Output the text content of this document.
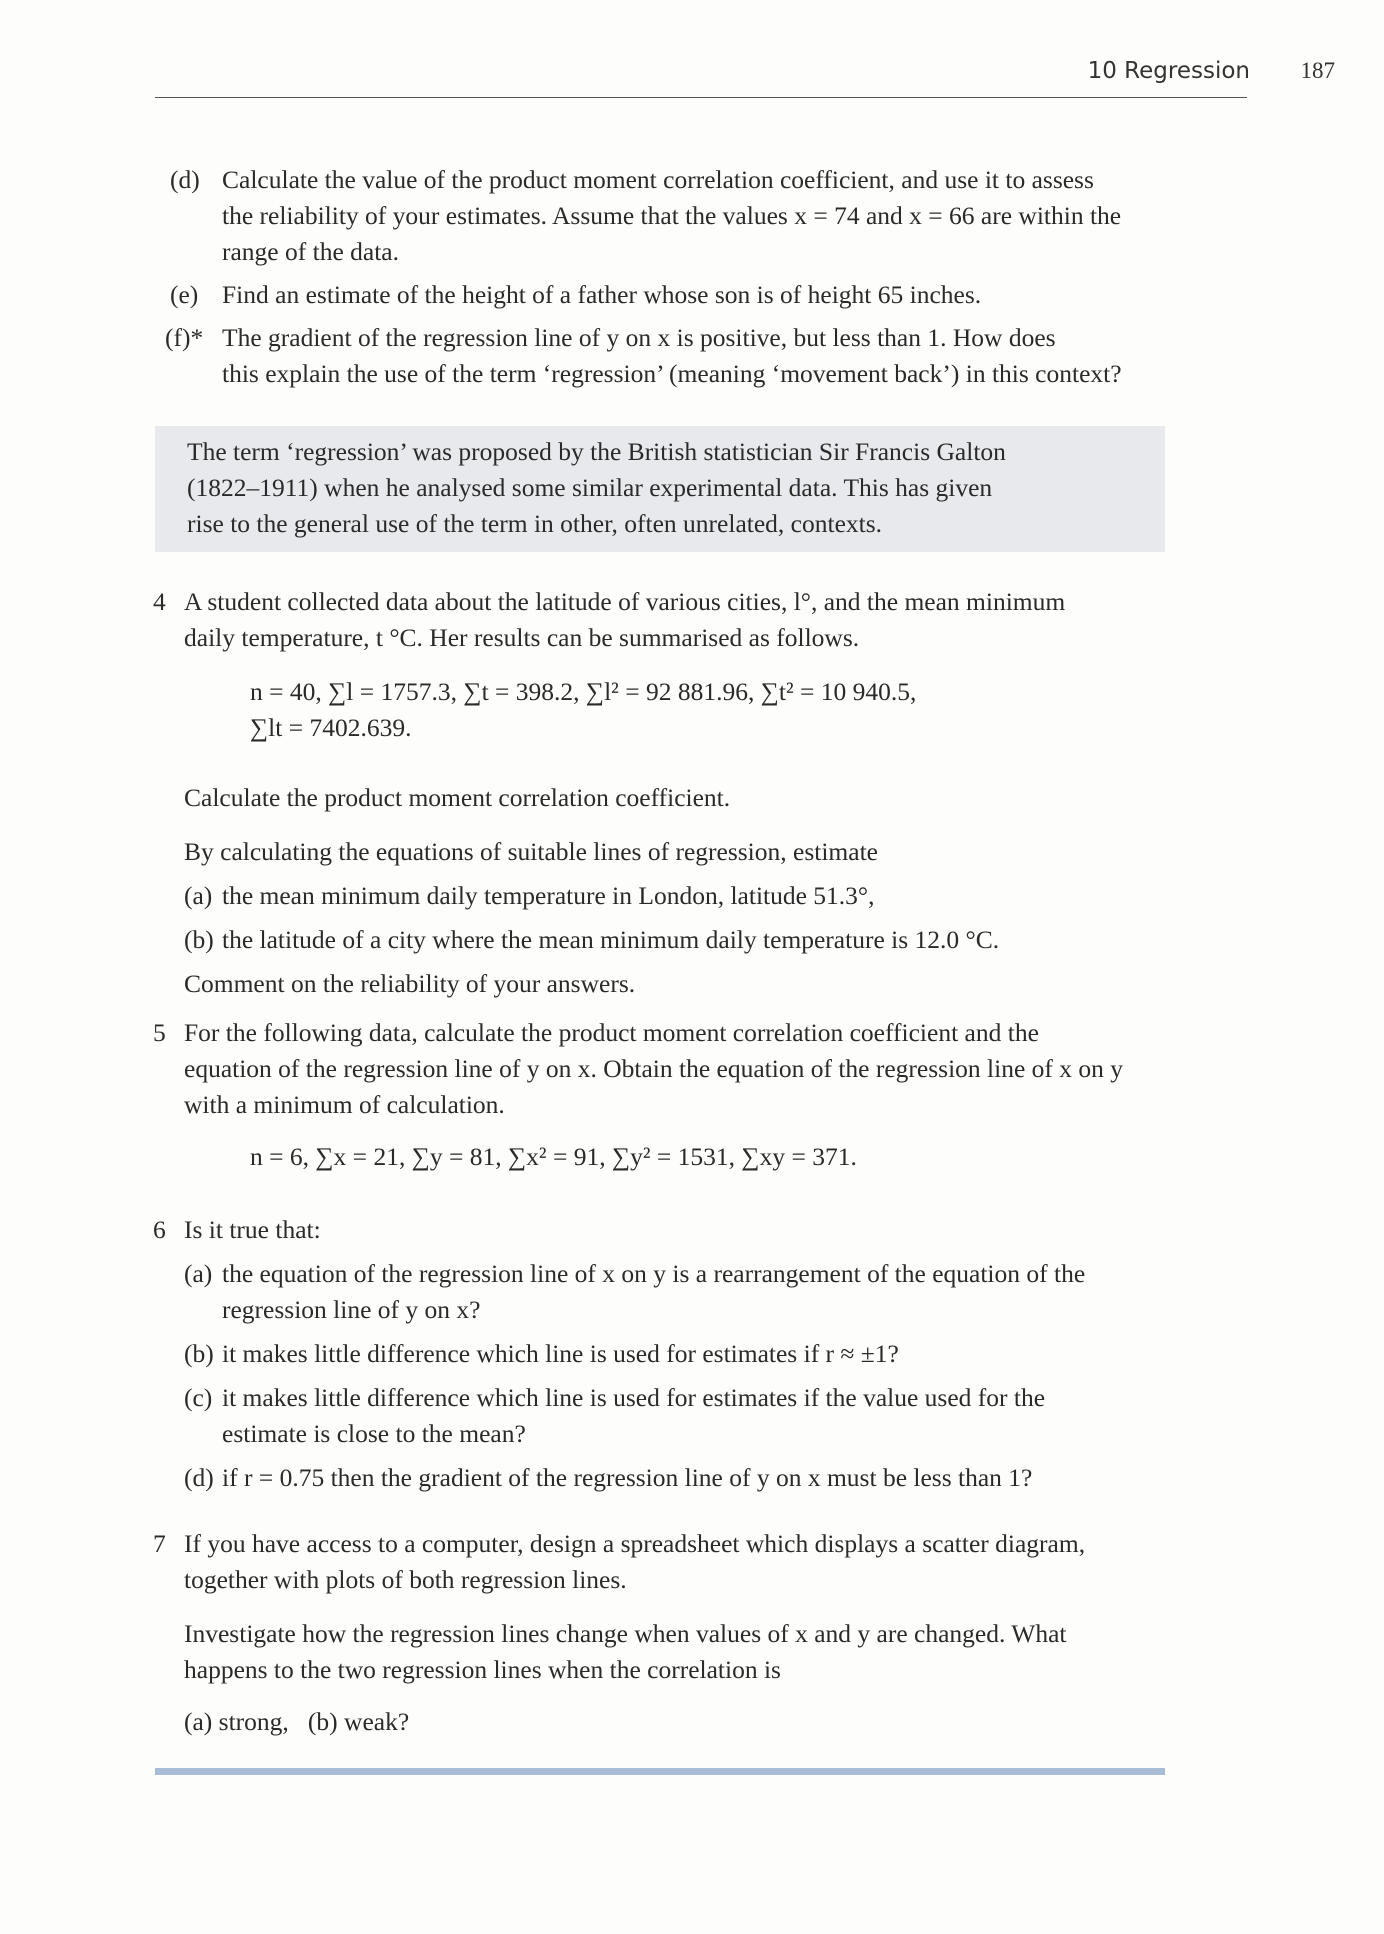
10 Regression 187
(d) Calculate the value of the product moment correlation coefficient, and use it to assess
the reliability of your estimates. Assume that the values x = 74 and x = 66 are within the
range of the data.
(e) Find an estimate of the height of a father whose son is of height 65 inches.
(f)* The gradient of the regression line of y on x is positive, but less than 1. How does
this explain the use of the term ‘regression’ (meaning ‘movement back’) in this context?
The term ‘regression’ was proposed by the British statistician Sir Francis Galton
(1822–1911) when he analysed some similar experimental data. This has given
rise to the general use of the term in other, often unrelated, contexts.
4 A student collected data about the latitude of various cities, l°, and the mean minimum
daily temperature, t °C. Her results can be summarised as follows.
n = 40, ∑l = 1757.3, ∑t = 398.2, ∑l² = 92 881.96, ∑t² = 10 940.5,
∑lt = 7402.639.
Calculate the product moment correlation coefficient.
By calculating the equations of suitable lines of regression, estimate
(a) the mean minimum daily temperature in London, latitude 51.3°,
(b) the latitude of a city where the mean minimum daily temperature is 12.0 °C.
Comment on the reliability of your answers.
5 For the following data, calculate the product moment correlation coefficient and the
equation of the regression line of y on x. Obtain the equation of the regression line of x on y
with a minimum of calculation.
n = 6, ∑x = 21, ∑y = 81, ∑x² = 91, ∑y² = 1531, ∑xy = 371.
6 Is it true that:
(a) the equation of the regression line of x on y is a rearrangement of the equation of the
regression line of y on x?
(b) it makes little difference which line is used for estimates if r ≈ ±1?
(c) it makes little difference which line is used for estimates if the value used for the
estimate is close to the mean?
(d) if r = 0.75 then the gradient of the regression line of y on x must be less than 1?
7 If you have access to a computer, design a spreadsheet which displays a scatter diagram,
together with plots of both regression lines.
Investigate how the regression lines change when values of x and y are changed. What
happens to the two regression lines when the correlation is
(a) strong,   (b) weak?
